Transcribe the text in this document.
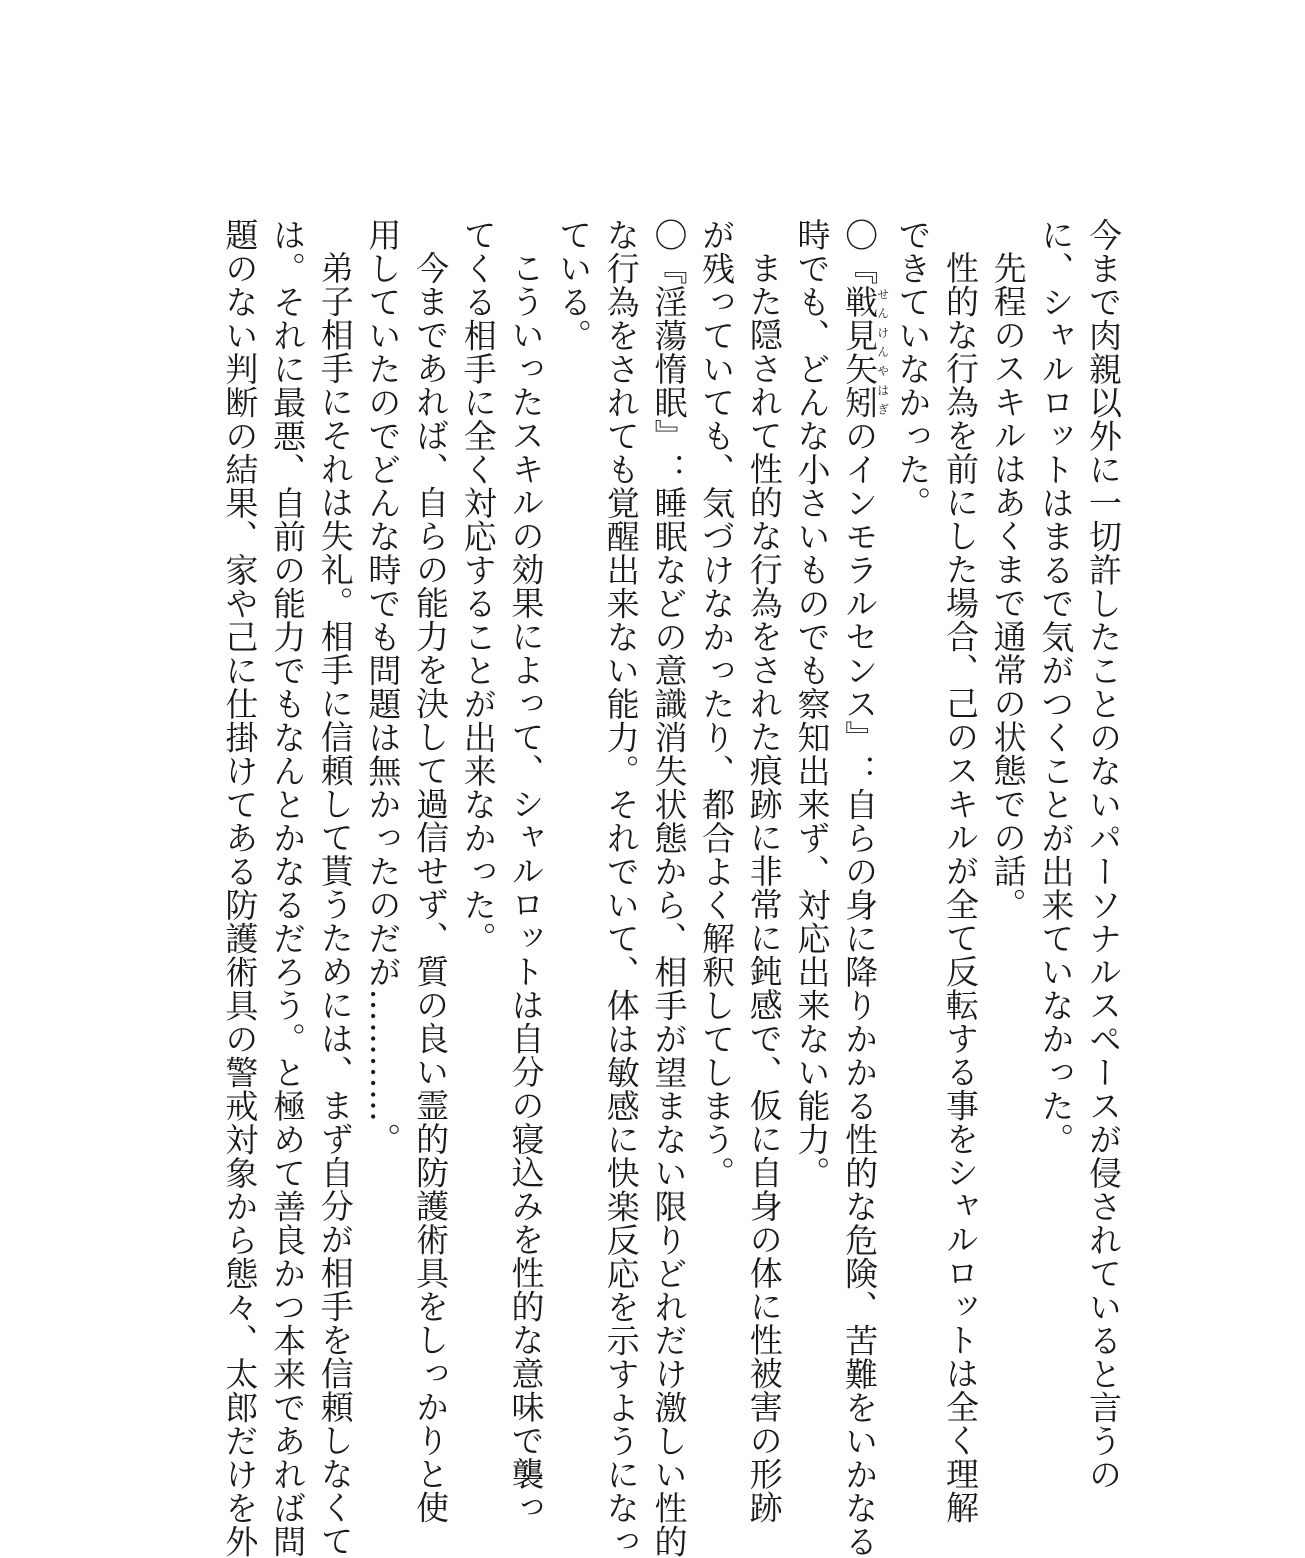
今まで肉親以外に一切許したことのないパーソナルスペースが侵されていると言うの
に、シャルロットはまるで気がつくことが出来ていなかった。
先程のスキルはあくまで通常の状態での話。
性的な行為を前にした場合、己のスキルが全て反転する事をシャルロットは全く理解
できていなかった。
〇『戦見矢矧せんけんやはぎのインモラルセンス』：自らの身に降りかかる性的な危険、苦難をいかなる
時でも、どんな小さいものでも察知出来ず、対応出来ない能力。
また隠されて性的な行為をされた痕跡に非常に鈍感で、仮に自身の体に性被害の形跡
が残っていても、気づけなかったり、都合よく解釈してしまう。
〇『淫蕩惰眠』：睡眠などの意識消失状態から、相手が望まない限りどれだけ激しい性的
な行為をされても覚醒出来ない能力。それでいて、体は敏感に快楽反応を示すようになっ
ている。
こういったスキルの効果によって、シャルロットは自分の寝込みを性的な意味で襲っ
てくる相手に全く対応することが出来なかった。
今まであれば、自らの能力を決して過信せず、質の良い霊的防護術具をしっかりと使
用していたのでどんな時でも問題は無かったのだが…………。
弟子相手にそれは失礼。相手に信頼して貰うためには、まず自分が相手を信頼しなくて
は。それに最悪、自前の能力でもなんとかなるだろう。と極めて善良かつ本来であれば問
題のない判断の結果、家や己に仕掛けてある防護術具の警戒対象から態々、太郎だけを外
